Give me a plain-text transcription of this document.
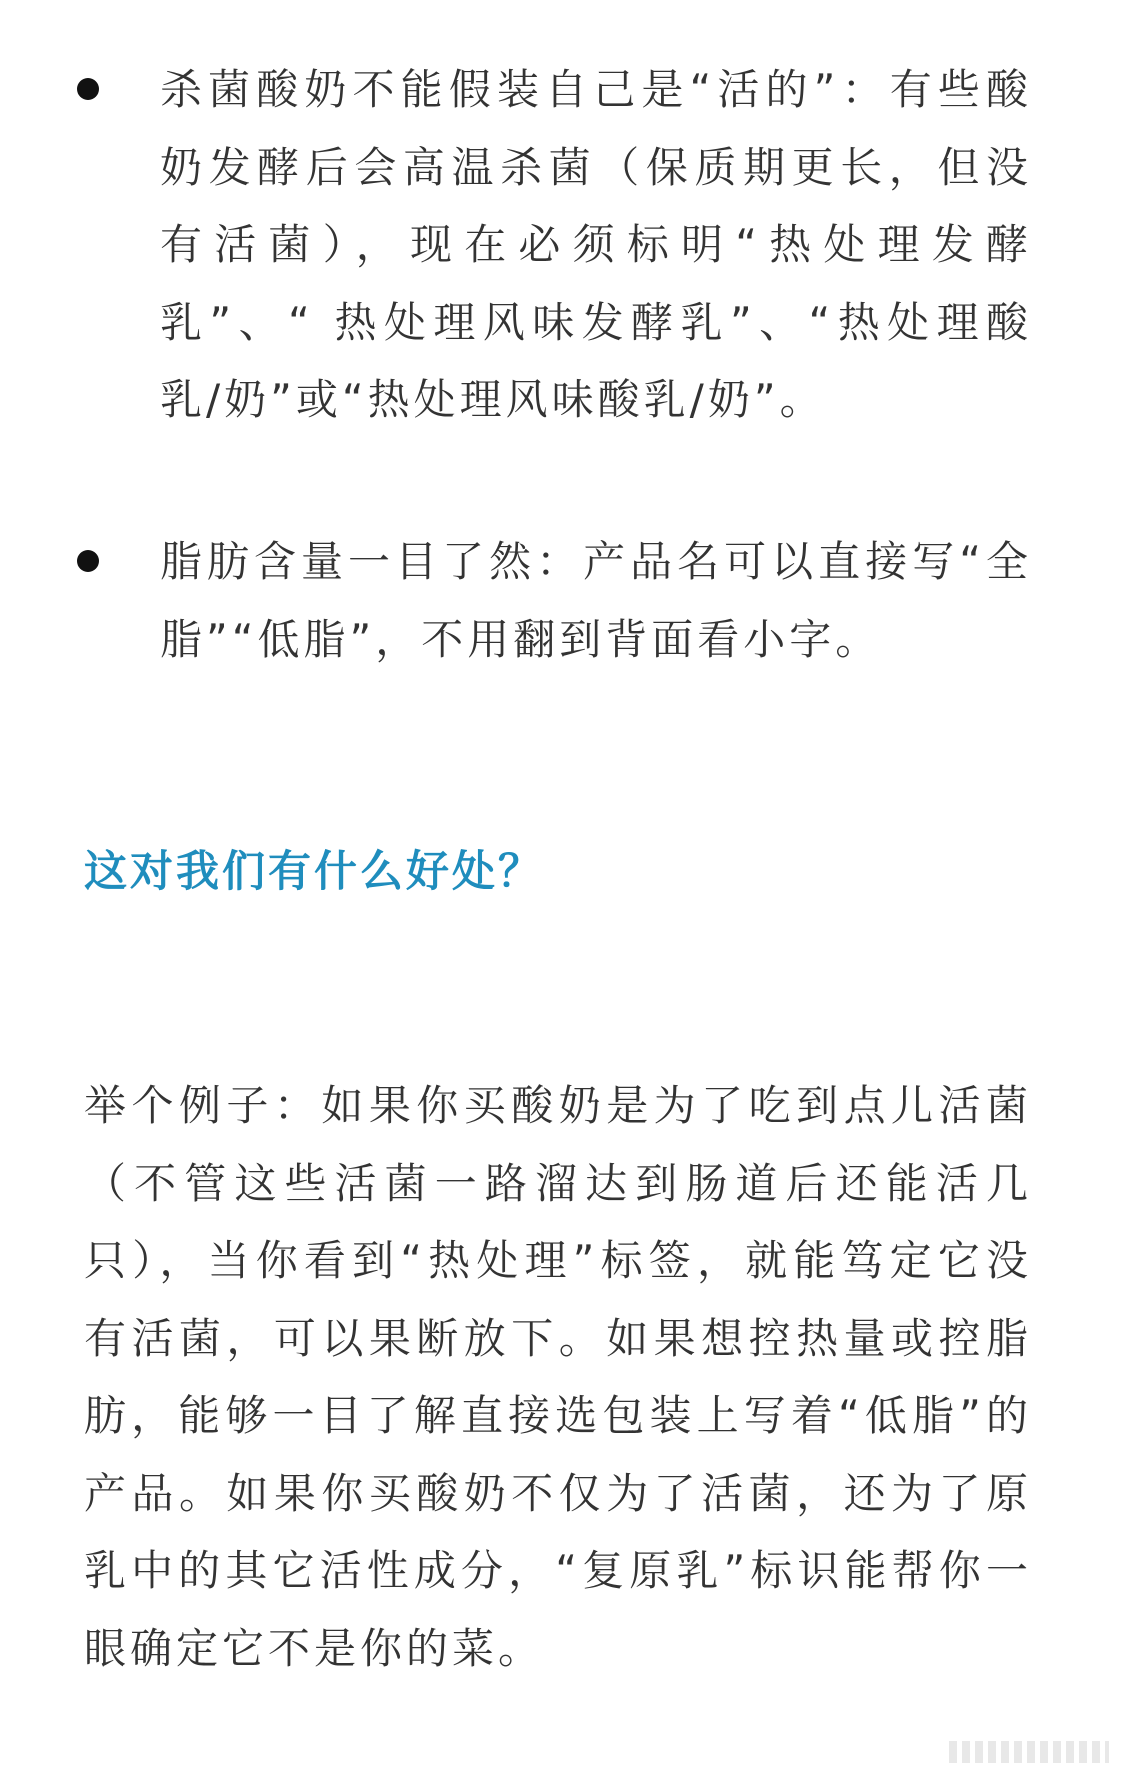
杀菌酸奶不能假装自己是“活的”：有些酸奶发酵后会高温杀菌（保质期更长，但没有活菌），现在必须标明“热处理发酵乳”、“ 热处理风味发酵乳”、“热处理酸乳/奶”或“热处理风味酸乳/奶”。
脂肪含量一目了然：产品名可以直接写“全脂”“低脂”，不用翻到背面看小字。
这对我们有什么好处？
举个例子：如果你买酸奶是为了吃到点儿活菌（不管这些活菌一路溜达到肠道后还能活几只），当你看到“热处理”标签，就能笃定它没有活菌，可以果断放下。如果想控热量或控脂肪，能够一目了解直接选包装上写着“低脂”的产品。如果你买酸奶不仅为了活菌，还为了原乳中的其它活性成分，“复原乳”标识能帮你一眼确定它不是你的菜。
